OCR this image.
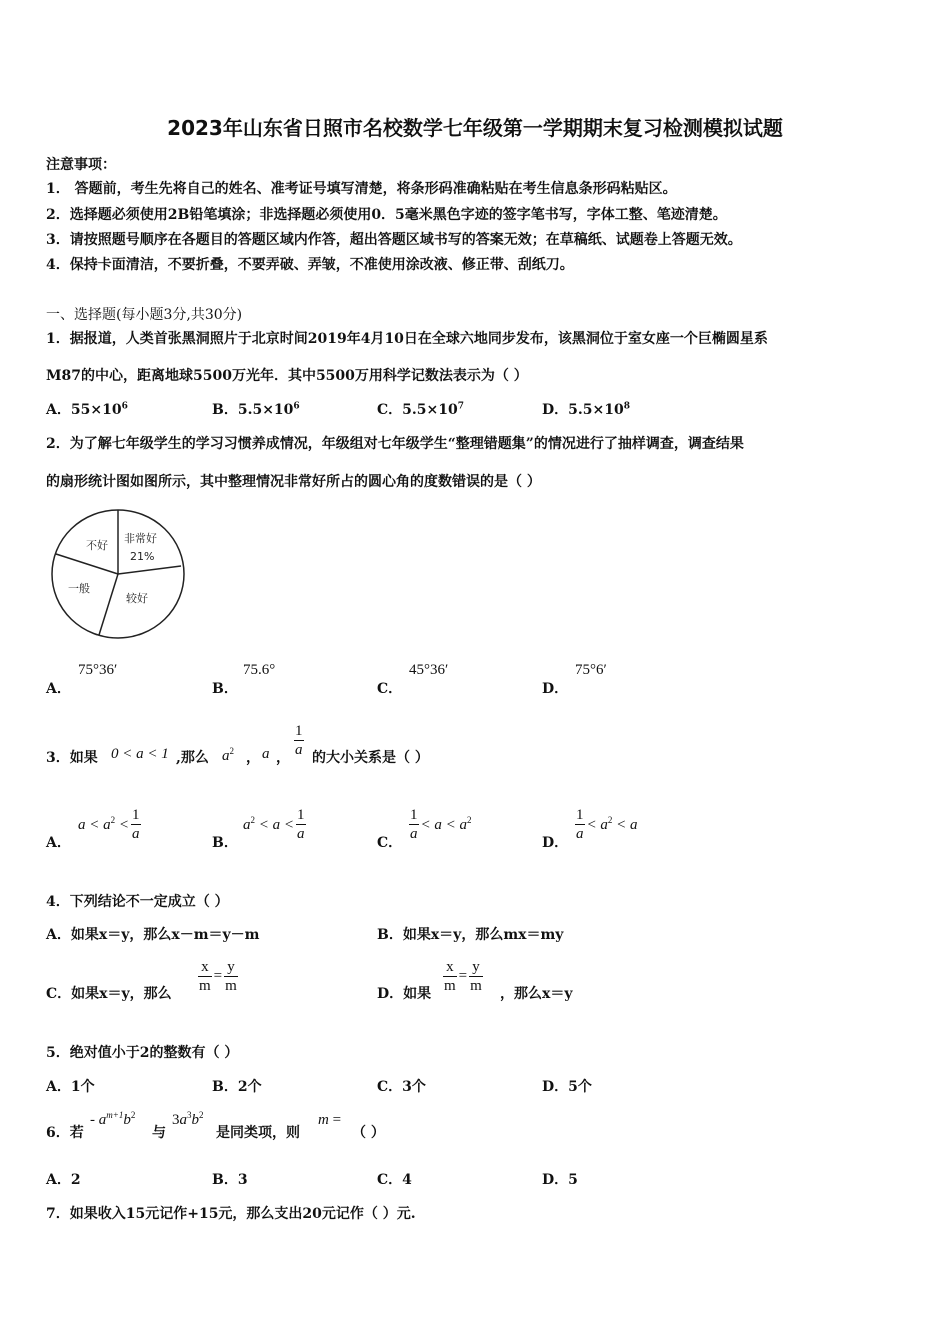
2023年山东省日照市名校数学七年级第一学期期末复习检测模拟试题
注意事项：
1． 答题前，考生先将自己的姓名、准考证号填写清楚，将条形码准确粘贴在考生信息条形码粘贴区。
2．选择题必须使用2B铅笔填涂；非选择题必须使用0．5毫米黑色字迹的签字笔书写，字体工整、笔迹清楚。
3．请按照题号顺序在各题目的答题区域内作答，超出答题区域书写的答案无效；在草稿纸、试题卷上答题无效。
4．保持卡面清洁，不要折叠，不要弄破、弄皱，不准使用涂改液、修正带、刮纸刀。
一、选择题(每小题3分,共30分)
1．据报道，人类首张黑洞照片于北京时间2019年4月10日在全球六地同步发布，该黑洞位于室女座一个巨椭圆星系
M87的中心，距离地球5500万光年．其中5500万用科学记数法表示为（ ）
A．$55\times 10^6$	B．$5.5\times 10^6$	C．$5.5\times 10^7$	D．$5.5\times 10^8$
2．为了解七年级学生的学习习惯养成情况，年级组对七年级学生“整理错题集”的情况进行了抽样调查，调查结果
的扇形统计图如图所示，其中整理情况非常好所占的圆心角的度数错误的是（ ）
不好
非常好
21%
一般
较好
A．
75°36′
B．
75.6°
C．
45°36′
D．
75°6′
3．如果 0 < a < 1 ,那么 $a^2$ ， a ， $\frac{1}{a}$ 的大小关系是（ ）
A．
$a < a^2 < \frac{1}{a}$	B．
$a^2 < a < \frac{1}{a}$	C． $\frac{1}{a} < a < a^2$
D． $\frac{1}{a} < a^2 < a$
4．下列结论不一定成立（ ）
A．如果x＝y，那么x－m＝y－m	B．如果x＝y，那么mx＝my
C．如果x＝y，那么 $\frac{x}{m} = \frac{y}{m}$	D．如果 $\frac{x}{m} = \frac{y}{m}$ ，那么x＝y
5．绝对值小于2的整数有（ ）
A．1个	B．2个	C．3个	D．5个
6．若
- $a^{m+1}b^2$
与
$3a^3b^2$
是同类项，则
m =
（ ）
A．2	B．3	C．4	D．5
7．如果收入15元记作+15元，那么支出20元记作（ ）元.
